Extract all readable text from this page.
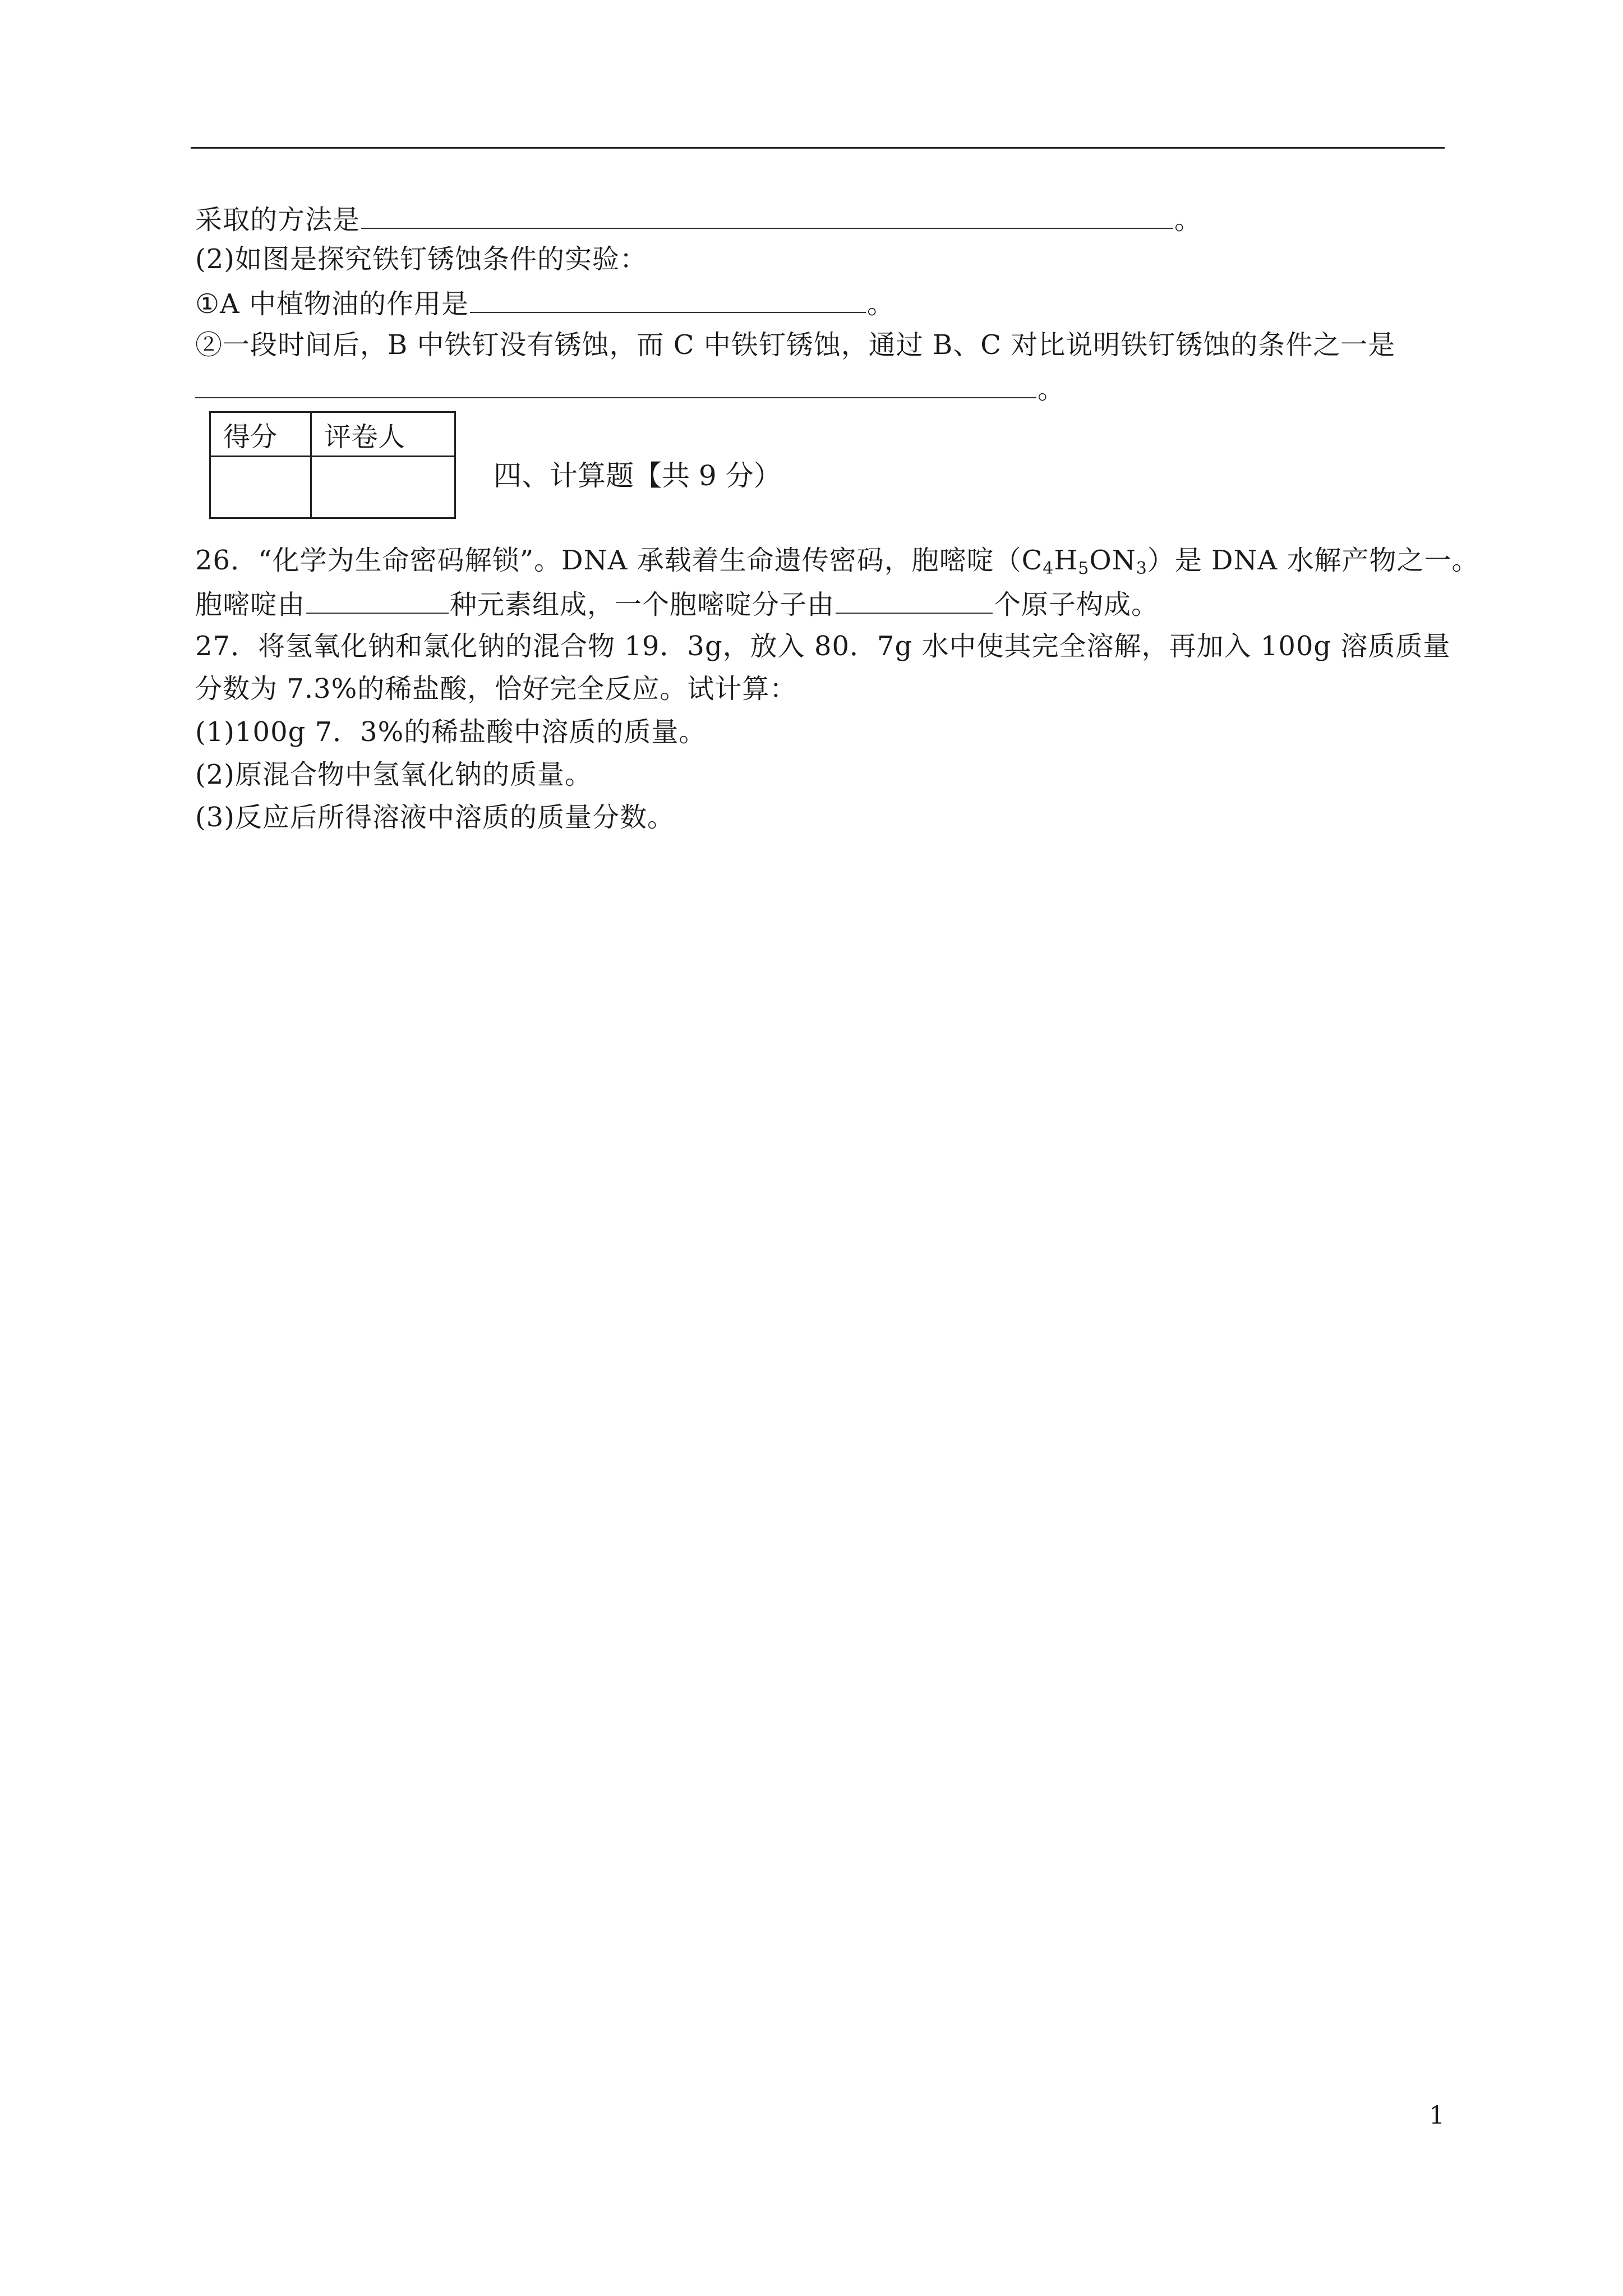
采取的方法是	。
(2)如图是探究铁钉锈蚀条件的实验：
①A 中植物油的作用是	。
②一段时间后，B 中铁钉没有锈蚀，而 C 中铁钉锈蚀，通过 B、C 对比说明铁钉锈蚀的条件之一是
。
得分	评卷人

四、计算题【共 9 分）
26．“化学为生命密码解锁”。DNA 承载着生命遗传密码，胞嘧啶$(C_4H_5ON_3)$是 DNA 水解产物之一。
胞嘧啶由	种元素组成，一个胞嘧啶分子由	个原子构成。
27．将氢氧化钠和氯化钠的混合物 19．3g，放入 80．7g 水中使其完全溶解，再加入 100g 溶质质量
分数为 7.3%的稀盐酸，恰好完全反应。试计算：
(1)100g 7．3%的稀盐酸中溶质的质量。
(2)原混合物中氢氧化钠的质量。
(3)反应后所得溶液中溶质的质量分数。
1
